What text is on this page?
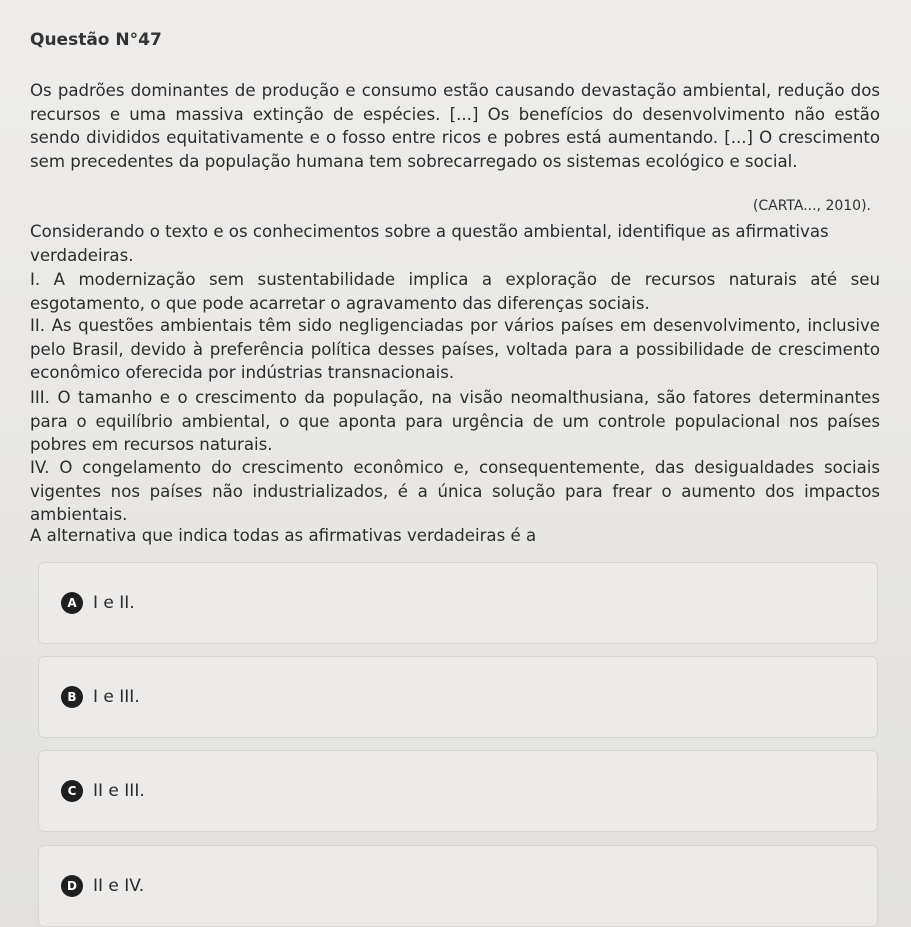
Questão N°47
Os padrões dominantes de produção e consumo estão causando devastação ambiental, redução dos recursos e uma massiva extinção de espécies. [...] Os benefícios do desenvolvimento não estão sendo divididos equitativamente e o fosso entre ricos e pobres está aumentando. [...] O crescimento sem precedentes da população humana tem sobrecarregado os sistemas ecológico e social.
(CARTA..., 2010).
Considerando o texto e os conhecimentos sobre a questão ambiental, identifique as afirmativas verdadeiras.
I. A modernização sem sustentabilidade implica a exploração de recursos naturais até seu esgotamento, o que pode acarretar o agravamento das diferenças sociais.
II. As questões ambientais têm sido negligenciadas por vários países em desenvolvimento, inclusive pelo Brasil, devido à preferência política desses países, voltada para a possibilidade de crescimento econômico oferecida por indústrias transnacionais.
III. O tamanho e o crescimento da população, na visão neomalthusiana, são fatores determinantes para o equilíbrio ambiental, o que aponta para urgência de um controle populacional nos países pobres em recursos naturais.
IV. O congelamento do crescimento econômico e, consequentemente, das desigualdades sociais vigentes nos países não industrializados, é a única solução para frear o aumento dos impactos ambientais.
A alternativa que indica todas as afirmativas verdadeiras é a
A I e II.
B I e III.
C II e III.
D II e IV.
